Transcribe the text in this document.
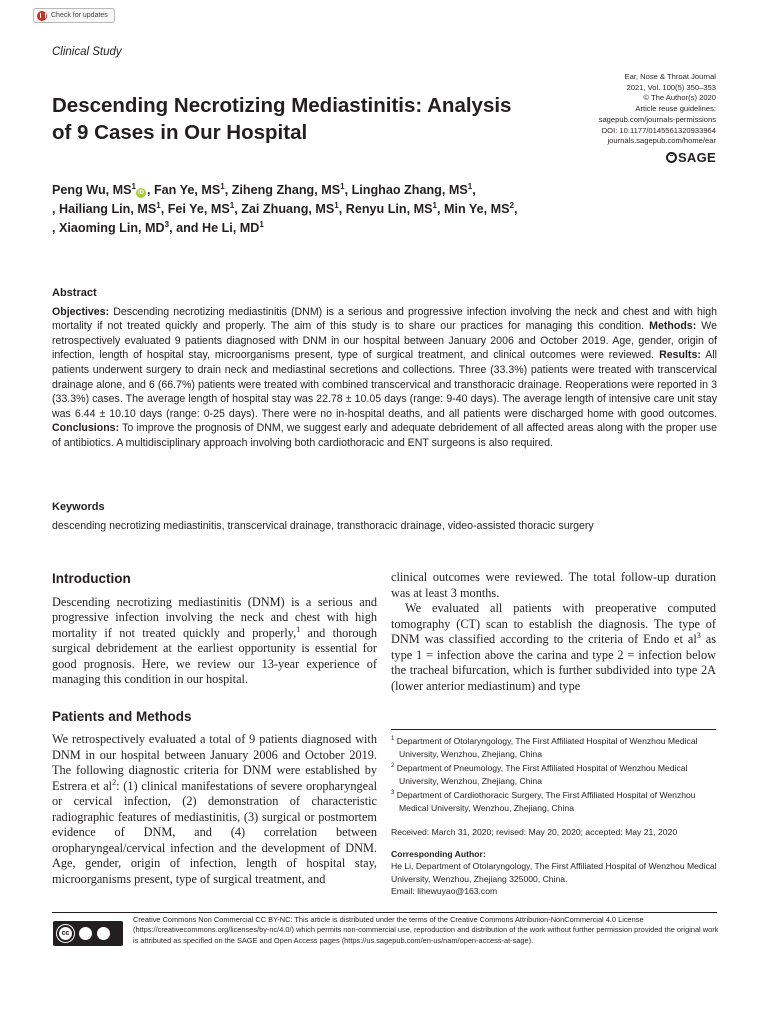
Check for updates
Clinical Study
Ear, Nose & Throat Journal
2021, Vol. 100(5) 350–353
© The Author(s) 2020
Article reuse guidelines:
sagepub.com/journals-permissions
DOI: 10.1177/0145561320933964
journals.sagepub.com/home/ear
SAGE
Descending Necrotizing Mediastinitis: Analysis of 9 Cases in Our Hospital
Peng Wu, $MS^1iD$ , Fan Ye, $MS^1$, Ziheng Zhang, $MS^1$, Linghao Zhang, $MS^1$,
, Hailiang Lin, $MS^1$, Fei Ye, $MS^1$, Zai Zhuang, $MS^1$, Renyu Lin, $MS^1$, Min Ye, $MS^2$,
, Xiaoming Lin, $MD^3$, and He Li, $MD^1$
Abstract

Objectives: Descending necrotizing mediastinitis (DNM) is a serious and progressive infection involving the neck and chest and with high mortality if not treated quickly and properly. The aim of this study is to share our practices for managing this condition. Methods: We retrospectively evaluated 9 patients diagnosed with DNM in our hospital between January 2006 and October 2019. Age, gender, origin of infection, length of hospital stay, microorganisms present, type of surgical treatment, and clinical outcomes were reviewed. Results: All patients underwent surgery to drain neck and mediastinal secretions and collections. Three (33.3%) patients were treated with transcervical drainage alone, and 6 (66.7%) patients were treated with combined transcervical and transthoracic drainage. Reoperations were reported in 3 (33.3%) cases. The average length of hospital stay was 22.78 ± 10.05 days (range: 9-40 days). The average length of intensive care unit stay was 6.44 ± 10.10 days (range: 0-25 days). There were no in-hospital deaths, and all patients were discharged home with good outcomes. Conclusions: To improve the prognosis of DNM, we suggest early and adequate debridement of all affected areas along with the proper use of antibiotics. A multidisciplinary approach involving both cardiothoracic and ENT surgeons is also required.

Keywords

descending necrotizing mediastinitis, transcervical drainage, transthoracic drainage, video-assisted thoracic surgery

Introduction

Descending necrotizing mediastinitis (DNM) is a serious and progressive infection involving the neck and chest with high mortality if not treated quickly and properly,$^1$ and thorough surgical debridement at the earliest opportunity is essential for good prognosis. Here, we review our 13-year experience of managing this condition in our hospital.

Patients and Methods

We retrospectively evaluated a total of 9 patients diagnosed with DNM in our hospital between January 2006 and October 2019. The following diagnostic criteria for DNM were established by Estrera et $al^2$: (1) clinical manifestations of severe oropharyngeal or cervical infection, (2) demonstration of characteristic radiographic features of mediastinitis, (3) surgical or postmortem evidence of DNM, and (4) correlation between oropharyngeal/cervical infection and the development of DNM. Age, gender, origin of infection, length of hospital stay, microorganisms present, type of surgical treatment, and

clinical outcomes were reviewed. The total follow-up duration was at least 3 months.

We evaluated all patients with preoperative computed tomography (CT) scan to establish the diagnosis. The type of DNM was classified according to the criteria of Endo et $al^3$ as type 1 = infection above the carina and type 2 = infection below the tracheal bifurcation, which is further subdivided into type 2A (lower anterior mediastinum) and type

$^1$ Department of Otolaryngology, The First Affiliated Hospital of Wenzhou Medical University, Wenzhou, Zhejiang, China
$^2$ Department of Pneumology, The First Affiliated Hospital of Wenzhou Medical University, Wenzhou, Zhejiang, China
$^3$ Department of Cardiothoracic Surgery, The First Affiliated Hospital of Wenzhou Medical University, Wenzhou, Zhejiang, China
Received: March 31, 2020; revised: May 20, 2020; accepted: May 21, 2020
Corresponding Author:
He Li, Department of Otolaryngology, The First Affiliated Hospital of Wenzhou Medical University, Wenzhou, Zhejiang 325000, China.
Email: lihewuyao@163.com
cc
Creative Commons Non Commercial CC BY-NC: This article is distributed under the terms of the Creative Commons Attribution-NonCommercial 4.0 License (https://creativecommons.org/licenses/by-nc/4.0/) which permits non-commercial use, reproduction and distribution of the work without further permission provided the original work is attributed as specified on the SAGE and Open Access pages (https://us.sagepub.com/en-us/nam/open-access-at-sage).
